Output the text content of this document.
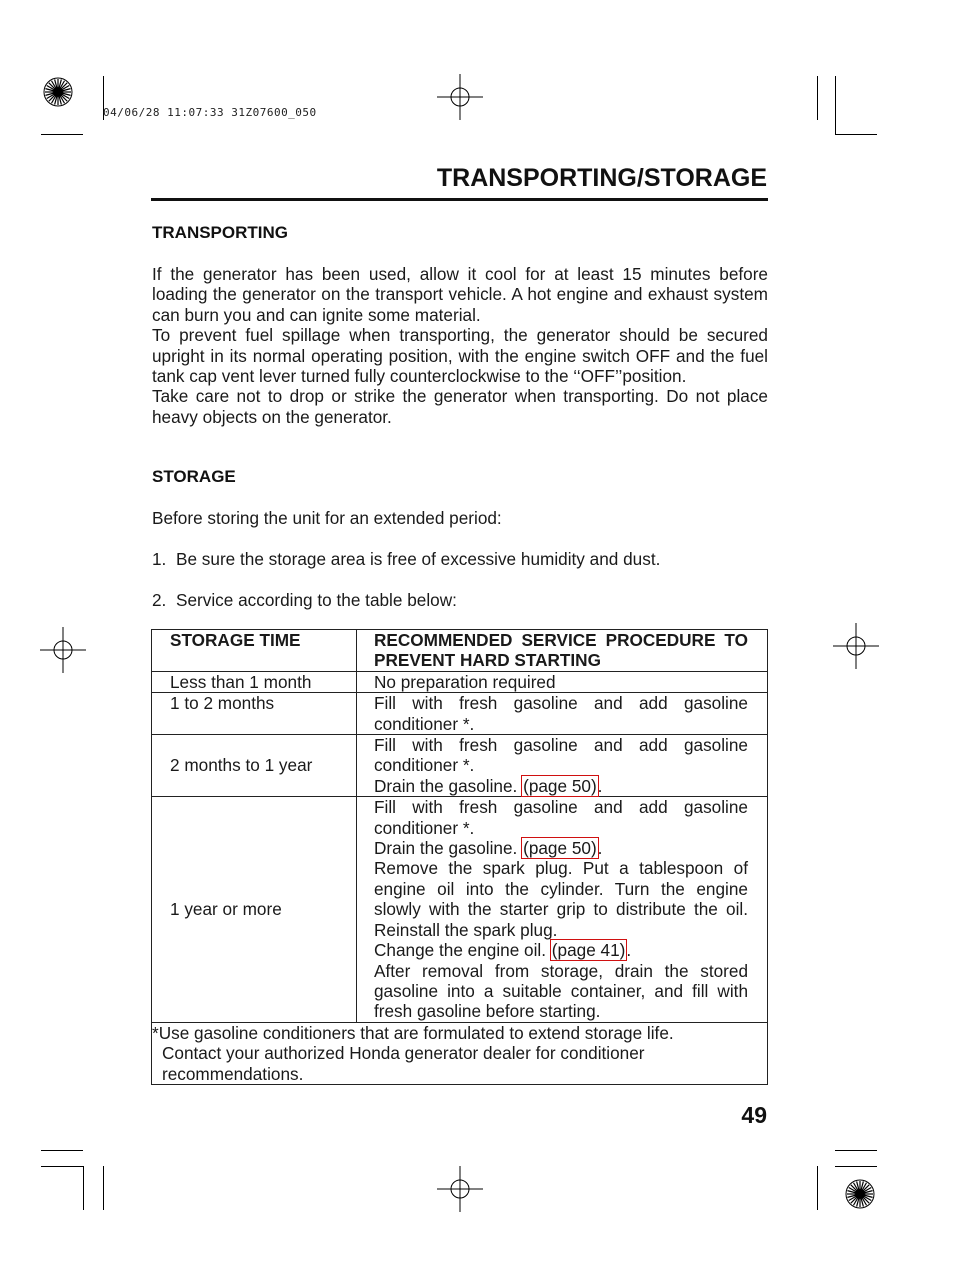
04/06/28 11:07:33 31Z07600_050
TRANSPORTING/STORAGE
TRANSPORTING
If the generator has been used, allow it cool for at least 15 minutes before loading the generator on the transport vehicle. A hot engine and exhaust system can burn you and can ignite some material.
To prevent fuel spillage when transporting, the generator should be secured upright in its normal operating position, with the engine switch OFF and the fuel tank cap vent lever turned fully counterclockwise to the ‘‘OFF’’position.
Take care not to drop or strike the generator when transporting. Do not place heavy objects on the generator.
STORAGE
Before storing the unit for an extended period:
1. Be sure the storage area is free of excessive humidity and dust.
2. Service according to the table below:
STORAGE TIME	RECOMMENDED SERVICE PROCEDURE TO PREVENT HARD STARTING
Less than 1 month	No preparation required
1 to 2 months	Fill with fresh gasoline and add gasoline conditioner *.
2 months to 1 year	Fill with fresh gasoline and add gasoline conditioner *.
Drain the gasoline. (page 50).

1 year or more	Fill with fresh gasoline and add gasoline conditioner *.
Drain the gasoline. (page 50).
Remove the spark plug. Put a tablespoon of engine oil into the cylinder. Turn the engine slowly with the starter grip to distribute the oil. Reinstall the spark plug.
Change the engine oil. (page 41).
After removal from storage, drain the stored gasoline into a suitable container, and fill with fresh gasoline before starting.

*Use gasoline conditioners that are formulated to extend storage life.
Contact your authorized Honda generator dealer for conditioner recommendations.	
49
